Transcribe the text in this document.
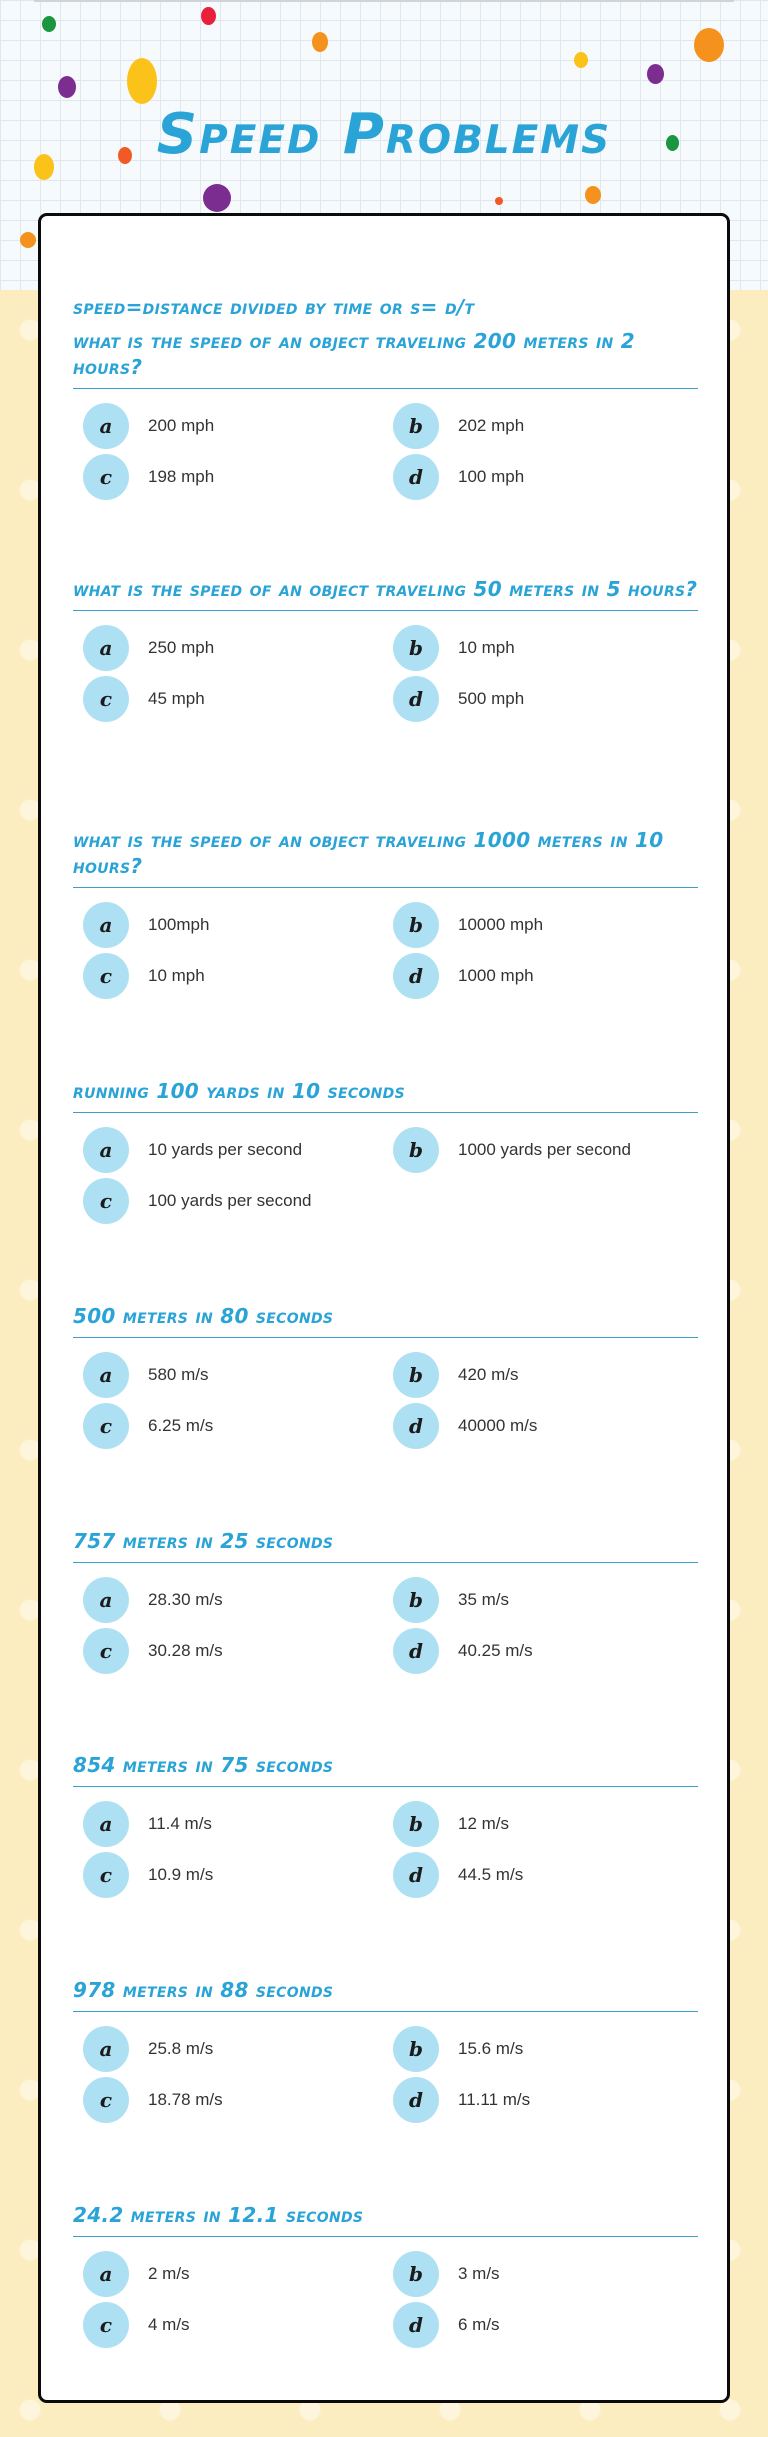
Speed Problems
speed=distance divided by time or s= d/t
what is the speed of an object traveling 200 meters in 2 hours?
a	200 mph	b	202 mph
c	198 mph	d	100 mph
what is the speed of an object traveling 50 meters in 5 hours?
a	250 mph	b	10 mph
c	45 mph	d	500 mph
what is the speed of an object traveling 1000 meters in 10 hours?
a	100mph	b	10000 mph
c	10 mph	d	1000 mph
running 100 yards in 10 seconds
a	10 yards per second	b	1000 yards per second
c	100 yards per second
500 meters in 80 seconds
a	580 m/s	b	420 m/s
c	6.25 m/s	d	40000 m/s
757 meters in 25 seconds
a	28.30 m/s	b	35 m/s
c	30.28 m/s	d	40.25 m/s
854 meters in 75 seconds
a	11.4 m/s	b	12 m/s
c	10.9 m/s	d	44.5 m/s
978 meters in 88 seconds
a	25.8 m/s	b	15.6 m/s
c	18.78 m/s	d	11.11 m/s
24.2 meters in 12.1 seconds
a	2 m/s	b	3 m/s
c	4 m/s	d	6 m/s
